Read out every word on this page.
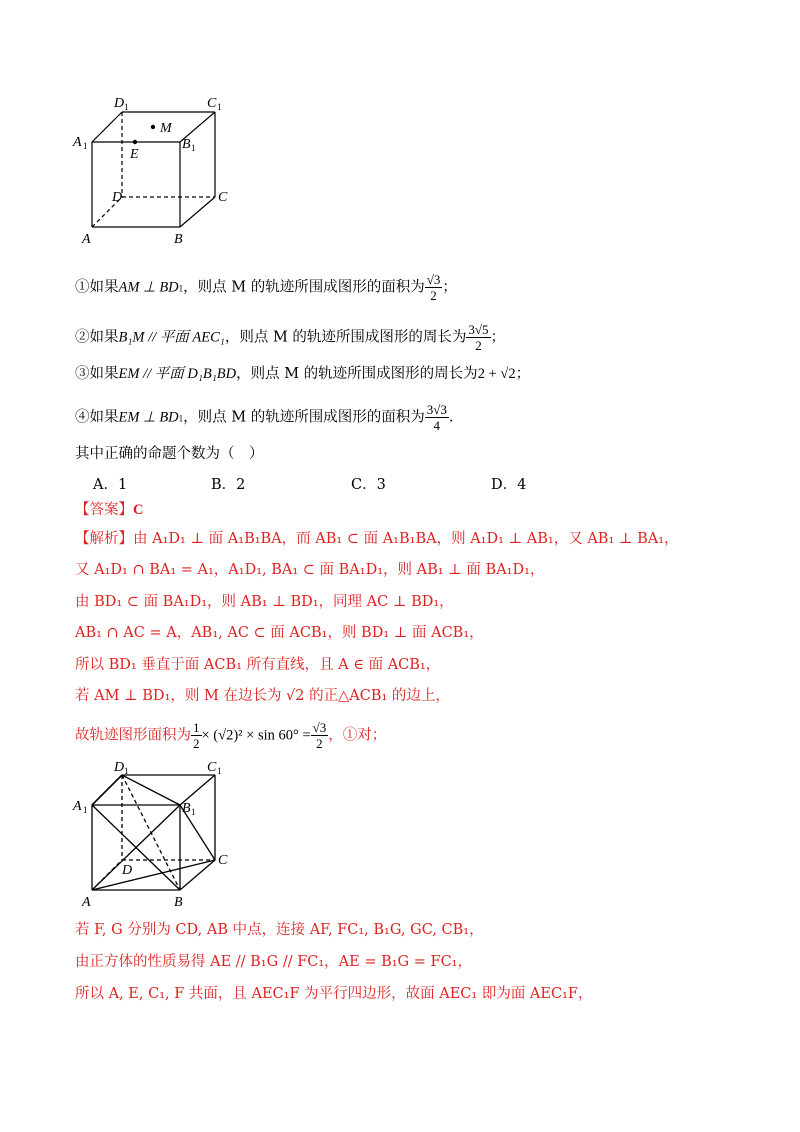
D 1	C 1
A 1	B 1
M
E
D	C
A	B
①如果AM ⊥ BD1，则点 M 的轨迹所围成图形的面积为 $\frac{√3}{2}$ ；
②如果B₁M // 平面 AEC₁，则点 M 的轨迹所围成图形的周长为 $\frac{3√5}{2}$ ；
③如果EM // 平面 D₁B₁BD，则点 M 的轨迹所围成图形的周长为2 + √2；
④如果EM ⊥ BD1，则点 M 的轨迹所围成图形的面积为 $\frac{3√3}{4}$ .
其中正确的命题个数为（　）
A．1	B．2	C．3	D．4
【答案】C
【解析】由 A₁D₁ ⊥ 面 A₁B₁BA，而 AB₁ ⊂ 面 A₁B₁BA，则 A₁D₁ ⊥ AB₁，又 AB₁ ⊥ BA₁，
又 A₁D₁ ∩ BA₁ = A₁，A₁D₁, BA₁ ⊂ 面 BA₁D₁，则 AB₁ ⊥ 面 BA₁D₁，
由 BD₁ ⊂ 面 BA₁D₁，则 AB₁ ⊥ BD₁，同理 AC ⊥ BD₁，
AB₁ ∩ AC = A，AB₁, AC ⊂ 面 ACB₁，则 BD₁ ⊥ 面 ACB₁，
所以 BD₁ 垂直于面 ACB₁ 所有直线，且 A ∈ 面 ACB₁，
若 AM ⊥ BD₁，则 M 在边长为 √2 的正△ACB₁ 的边上，
故轨迹图形面积为 $\frac{1}{2} \times (√2)^2 \times \sin 60^\circ = \frac{√3}{2}$ ，①对；
D 1	C 1
A 1	B 1
D
C
A	B
若 F, G 分别为 CD, AB 中点，连接 AF, FC₁, B₁G, GC, CB₁，
由正方体的性质易得 AE // B₁G // FC₁，AE = B₁G = FC₁，
所以 A, E, C₁, F 共面，且 AEC₁F 为平行四边形，故面 AEC₁ 即为面 AEC₁F，
